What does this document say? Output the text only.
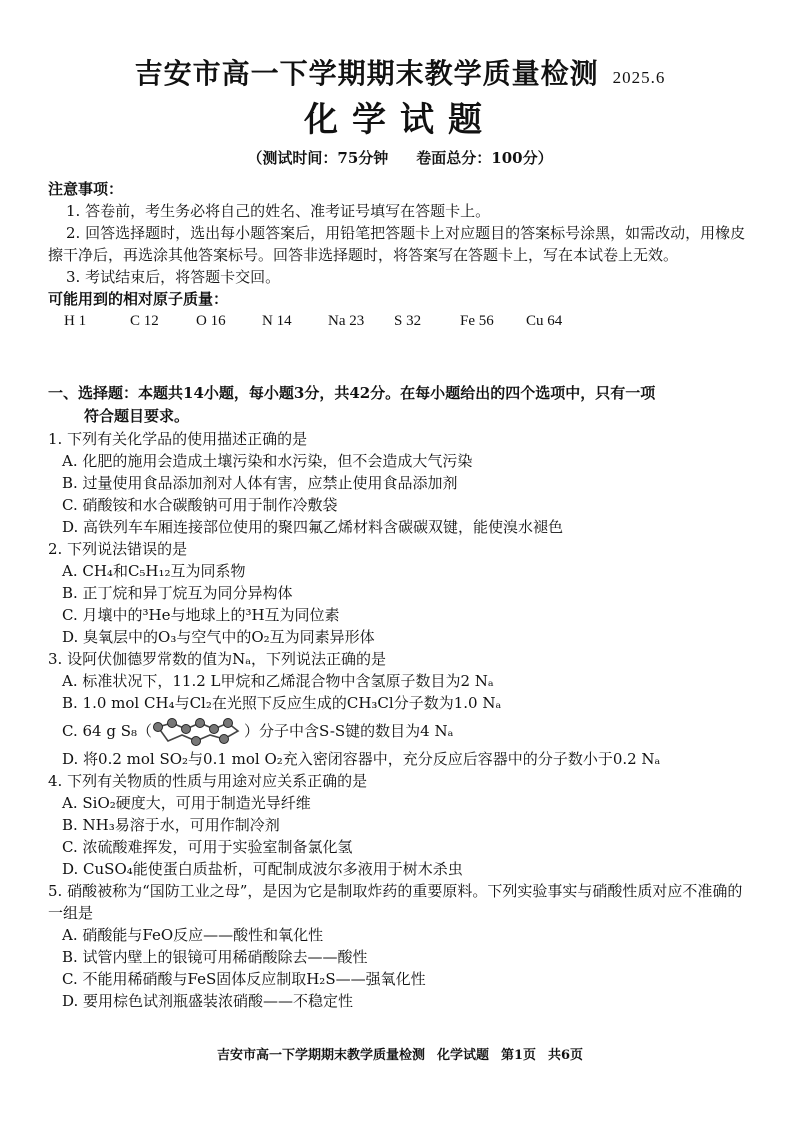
吉安市高一下学期期末教学质量检测 2025.6
化学试题
（测试时间：75分钟 卷面总分：100分）
注意事项：
1. 答卷前，考生务必将自己的姓名、准考证号填写在答题卡上。
2. 回答选择题时，选出每小题答案后，用铅笔把答题卡上对应题目的答案标号涂黑，如需改动，用橡皮擦干净后，再选涂其他答案标号。回答非选择题时，将答案写在答题卡上，写在本试卷上无效。
3. 考试结束后，将答题卡交回。
可能用到的相对原子质量：
H 1	C 12	O 16	N 14	Na 23	S 32	Fe 56	Cu 64
一、选择题：本题共14小题，每小题3分，共42分。在每小题给出的四个选项中，只有一项
符合题目要求。
1. 下列有关化学品的使用描述正确的是
A. 化肥的施用会造成土壤污染和水污染，但不会造成大气污染
B. 过量使用食品添加剂对人体有害，应禁止使用食品添加剂
C. 硝酸铵和水合碳酸钠可用于制作冷敷袋
D. 高铁列车车厢连接部位使用的聚四氟乙烯材料含碳碳双键，能使溴水褪色
2. 下列说法错误的是
A. CH₄和C₅H₁₂互为同系物
B. 正丁烷和异丁烷互为同分异构体
C. 月壤中的³He与地球上的³H互为同位素
D. 臭氧层中的O₃与空气中的O₂互为同素异形体
3. 设阿伏伽德罗常数的值为Nₐ，下列说法正确的是
A. 标准状况下，11.2 L甲烷和乙烯混合物中含氢原子数目为2 Nₐ
B. 1.0 mol CH₄与Cl₂在光照下反应生成的CH₃Cl分子数为1.0 Nₐ
C. 64 g S₈（	）分子中含S-S键的数目为4 Nₐ
D. 将0.2 mol SO₂与0.1 mol O₂充入密闭容器中，充分反应后容器中的分子数小于0.2 Nₐ
4. 下列有关物质的性质与用途对应关系正确的是
A. SiO₂硬度大，可用于制造光导纤维
B. NH₃易溶于水，可用作制冷剂
C. 浓硫酸难挥发，可用于实验室制备氯化氢
D. CuSO₄能使蛋白质盐析，可配制成波尔多液用于树木杀虫
5. 硝酸被称为“国防工业之母”，是因为它是制取炸药的重要原料。下列实验事实与硝酸性质对应不准确的一组是
A. 硝酸能与FeO反应——酸性和氧化性
B. 试管内壁上的银镜可用稀硝酸除去——酸性
C. 不能用稀硝酸与FeS固体反应制取H₂S——强氧化性
D. 要用棕色试剂瓶盛装浓硝酸——不稳定性
吉安市高一下学期期末教学质量检测 化学试题 第1页 共6页
